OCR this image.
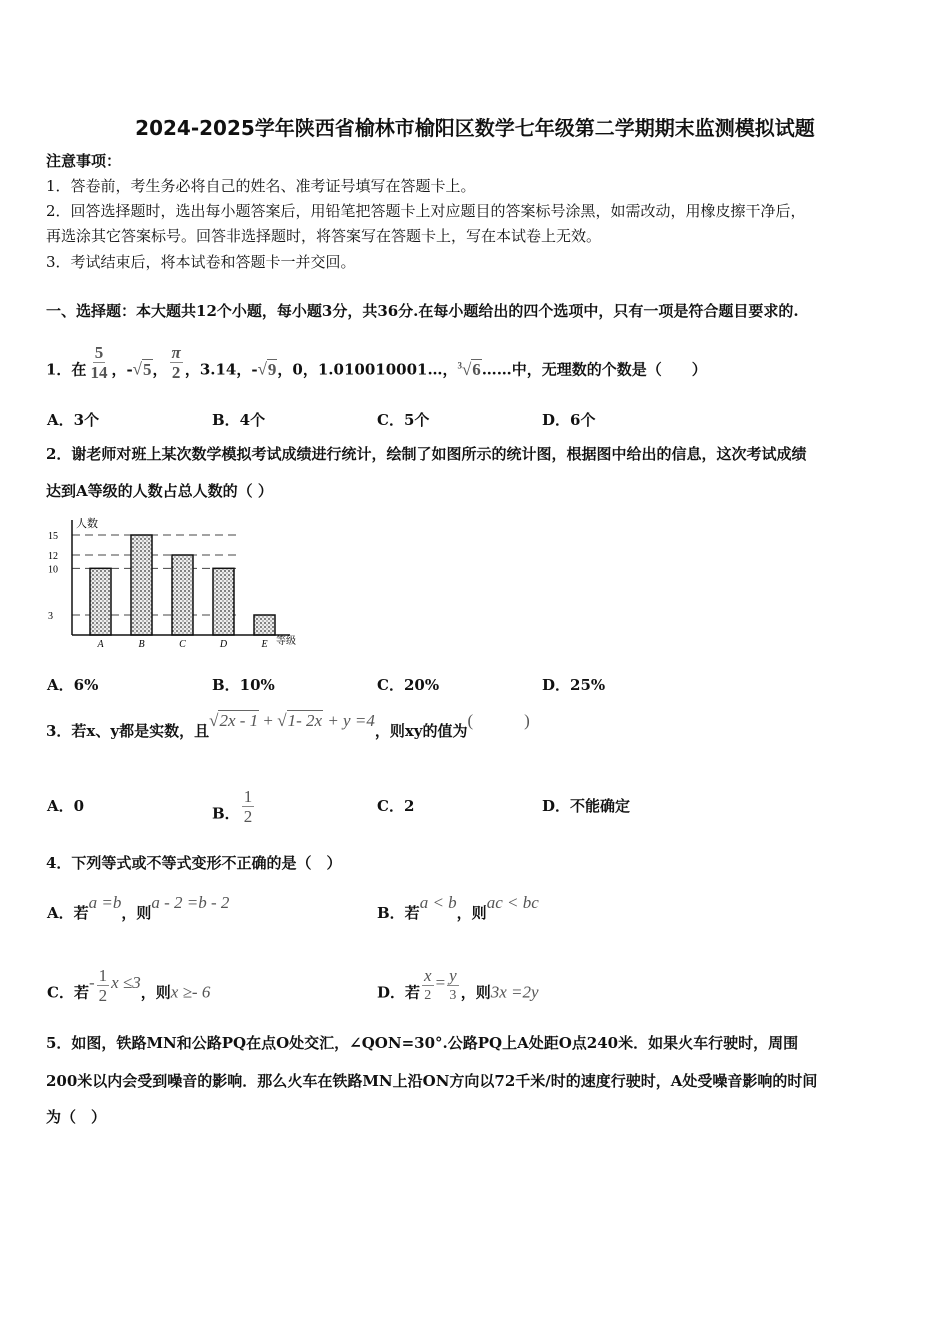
2024-2025学年陕西省榆林市榆阳区数学七年级第二学期期末监测模拟试题
注意事项：
1．答卷前，考生务必将自己的姓名、准考证号填写在答题卡上。
2．回答选择题时，选出每小题答案后，用铅笔把答题卡上对应题目的答案标号涂黑，如需改动，用橡皮擦干净后，
再选涂其它答案标号。回答非选择题时，将答案写在答题卡上，写在本试卷上无效。
3．考试结束后，将本试卷和答题卡一并交回。
一、选择题：本大题共12个小题，每小题3分，共36分.在每小题给出的四个选项中，只有一项是符合题目要求的.
1．在 $\frac{5}{14}$ ，-√5， $\frac{\pi}{2}$ ，3.14，-√9，0，1.010010001…，$^3$√6……中，无理数的个数是（　　）
A．3个	B．4个	C．5个	D．6个
2．谢老师对班上某次数学模拟考试成绩进行统计，绘制了如图所示的统计图，根据图中给出的信息，这次考试成绩
达到A等级的人数占总人数的（ ）
人数
等级
3
10
12
15
A	B	C	D	E
A．6%	B．10%	C．20%	D．25%
3．若x、y都是实数，且√2x - 1 + √1- 2x + y =4，则xy的值为(　　　)
A．0	B． $\frac{1}{2}$	C．2	D．不能确定
4．下列等式或不等式变形不正确的是（　）
A．若a =b，则a - 2 =b - 2
B．若a < b，则ac < bc
C．若- $\frac{1}{2}$ x ≤3，则x ≥- 6	D．若 $\frac{x}{2} = \frac{y}{3}$ ，则3x =2y
5．如图，铁路MN和公路PQ在点O处交汇，∠QON=30°.公路PQ上A处距O点240米．如果火车行驶时，周围
200米以内会受到噪音的影响．那么火车在铁路MN上沿ON方向以72千米/时的速度行驶时，A处受噪音影响的时间
为（　）
